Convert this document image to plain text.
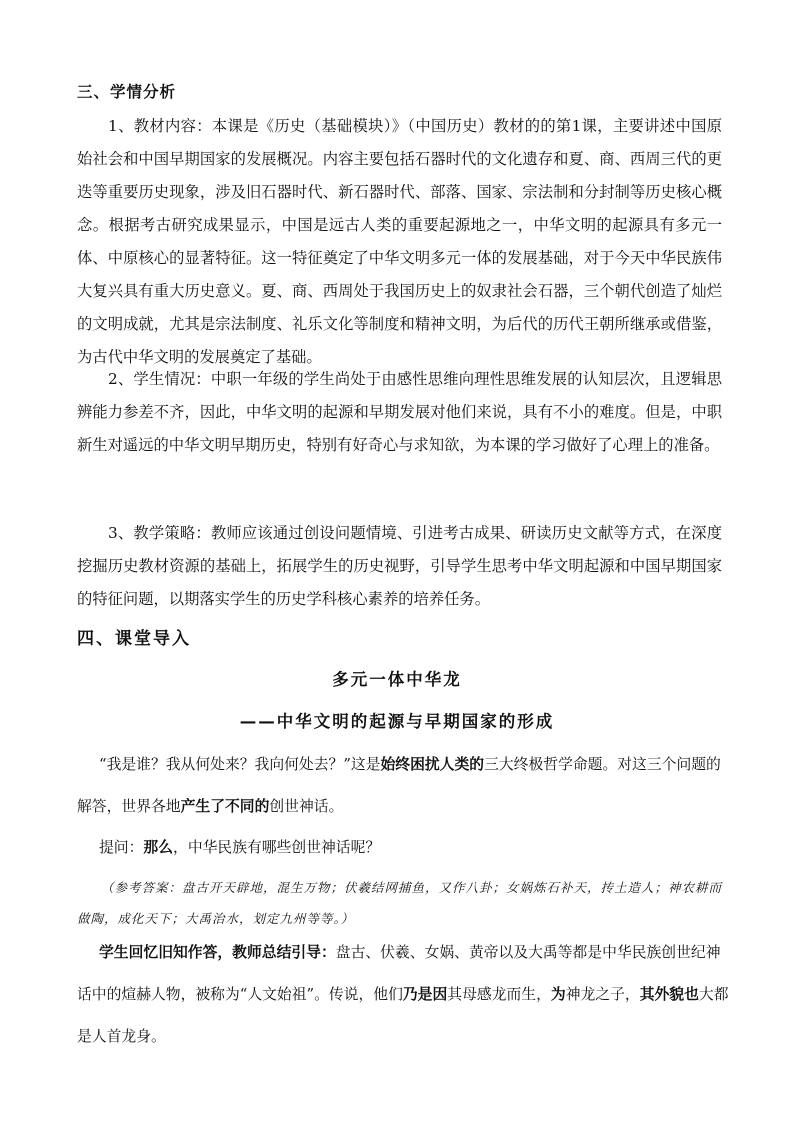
三、学情分析

1、教材内容：本课是《历史（基础模块）》（中国历史）教材的的第1课，主要讲述中国原始社会和中国早期国家的发展概况。内容主要包括石器时代的文化遗存和夏、商、西周三代的更迭等重要历史现象，涉及旧石器时代、新石器时代、部落、国家、宗法制和分封制等历史核心概念。根据考古研究成果显示，中国是远古人类的重要起源地之一，中华文明的起源具有多元一体、中原核心的显著特征。这一特征奠定了中华文明多元一体的发展基础，对于今天中华民族伟大复兴具有重大历史意义。夏、商、西周处于我国历史上的奴隶社会石器，三个朝代创造了灿烂的文明成就，尤其是宗法制度、礼乐文化等制度和精神文明，为后代的历代王朝所继承或借鉴，为古代中华文明的发展奠定了基础。

2、学生情况：中职一年级的学生尚处于由感性思维向理性思维发展的认知层次，且逻辑思辨能力参差不齐，因此，中华文明的起源和早期发展对他们来说，具有不小的难度。但是，中职新生对遥远的中华文明早期历史，特别有好奇心与求知欲，为本课的学习做好了心理上的准备。

3、教学策略：教师应该通过创设问题情境、引进考古成果、研读历史文献等方式，在深度挖掘历史教材资源的基础上，拓展学生的历史视野，引导学生思考中华文明起源和中国早期国家的特征问题，以期落实学生的历史学科核心素养的培养任务。

四、课堂导入
多元一体中华龙
——中华文明的起源与早期国家的形成

“我是谁？我从何处来？我向何处去？”这是始终困扰人类的三大终极哲学命题。对这三个问题的解答，世界各地产生了不同的创世神话。

提问：那么，中华民族有哪些创世神话呢？

（参考答案：盘古开天辟地，混生万物；伏羲结网捕鱼，又作八卦；女娲炼石补天，抟土造人；神农耕而做陶，成化天下；大禹治水，划定九州等等。）

学生回忆旧知作答，教师总结引导：盘古、伏羲、女娲、黄帝以及大禹等都是中华民族创世纪神话中的煊赫人物，被称为“人文始祖”。传说，他们乃是因其母感龙而生，为神龙之子，其外貌也大都是人首龙身。
